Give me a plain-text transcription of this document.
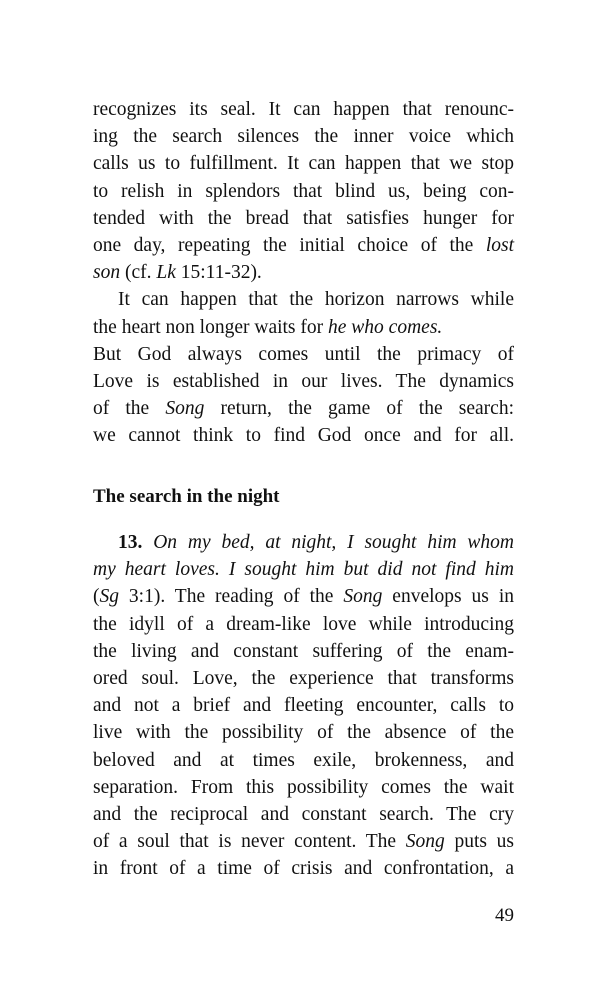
recognizes its seal. It can happen that renounc-
ing the search silences the inner voice which
calls us to fulfillment. It can happen that we stop
to relish in splendors that blind us, being con-
tended with the bread that satisfies hunger for
one day, repeating the initial choice of the lost
son (cf. Lk 15:11-32).
It can happen that the horizon narrows while
the heart non longer waits for he who comes.
But God always comes until the primacy of
Love is established in our lives. The dynamics
of the Song return, the game of the search:
we cannot think to find God once and for all.
The search in the night
13. On my bed, at night, I sought him whom
my heart loves. I sought him but did not find him
(Sg 3:1). The reading of the Song envelops us in
the idyll of a dream-like love while introducing
the living and constant suffering of the enam-
ored soul. Love, the experience that transforms
and not a brief and fleeting encounter, calls to
live with the possibility of the absence of the
beloved and at times exile, brokenness, and
separation. From this possibility comes the wait
and the reciprocal and constant search. The cry
of a soul that is never content. The Song puts us
in front of a time of crisis and confrontation, a
49
